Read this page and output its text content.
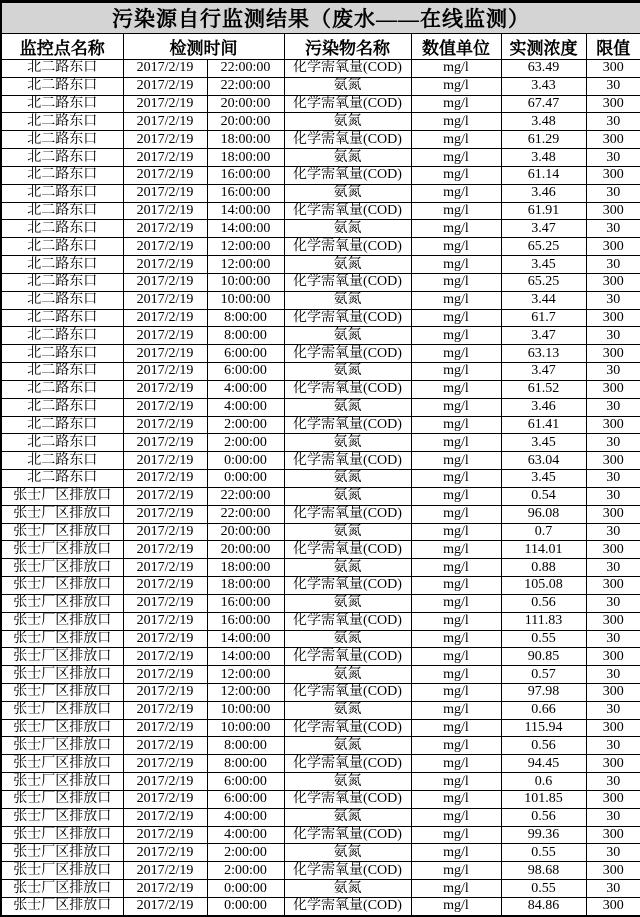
污染源自行监测结果（废水——在线监测）						
监控点名称	检测时间		污染物名称	数值单位	实测浓度	限值
北二路东口	2017/2/19	22:00:00	化学需氧量(COD)	mg/l	63.49	300
北二路东口	2017/2/19	22:00:00	氨氮	mg/l	3.43	30
北二路东口	2017/2/19	20:00:00	化学需氧量(COD)	mg/l	67.47	300
北二路东口	2017/2/19	20:00:00	氨氮	mg/l	3.48	30
北二路东口	2017/2/19	18:00:00	化学需氧量(COD)	mg/l	61.29	300
北二路东口	2017/2/19	18:00:00	氨氮	mg/l	3.48	30
北二路东口	2017/2/19	16:00:00	化学需氧量(COD)	mg/l	61.14	300
北二路东口	2017/2/19	16:00:00	氨氮	mg/l	3.46	30
北二路东口	2017/2/19	14:00:00	化学需氧量(COD)	mg/l	61.91	300
北二路东口	2017/2/19	14:00:00	氨氮	mg/l	3.47	30
北二路东口	2017/2/19	12:00:00	化学需氧量(COD)	mg/l	65.25	300
北二路东口	2017/2/19	12:00:00	氨氮	mg/l	3.45	30
北二路东口	2017/2/19	10:00:00	化学需氧量(COD)	mg/l	65.25	300
北二路东口	2017/2/19	10:00:00	氨氮	mg/l	3.44	30
北二路东口	2017/2/19	8:00:00	化学需氧量(COD)	mg/l	61.7	300
北二路东口	2017/2/19	8:00:00	氨氮	mg/l	3.47	30
北二路东口	2017/2/19	6:00:00	化学需氧量(COD)	mg/l	63.13	300
北二路东口	2017/2/19	6:00:00	氨氮	mg/l	3.47	30
北二路东口	2017/2/19	4:00:00	化学需氧量(COD)	mg/l	61.52	300
北二路东口	2017/2/19	4:00:00	氨氮	mg/l	3.46	30
北二路东口	2017/2/19	2:00:00	化学需氧量(COD)	mg/l	61.41	300
北二路东口	2017/2/19	2:00:00	氨氮	mg/l	3.45	30
北二路东口	2017/2/19	0:00:00	化学需氧量(COD)	mg/l	63.04	300
北二路东口	2017/2/19	0:00:00	氨氮	mg/l	3.45	30
张士厂区排放口	2017/2/19	22:00:00	氨氮	mg/l	0.54	30
张士厂区排放口	2017/2/19	22:00:00	化学需氧量(COD)	mg/l	96.08	300
张士厂区排放口	2017/2/19	20:00:00	氨氮	mg/l	0.7	30
张士厂区排放口	2017/2/19	20:00:00	化学需氧量(COD)	mg/l	114.01	300
张士厂区排放口	2017/2/19	18:00:00	氨氮	mg/l	0.88	30
张士厂区排放口	2017/2/19	18:00:00	化学需氧量(COD)	mg/l	105.08	300
张士厂区排放口	2017/2/19	16:00:00	氨氮	mg/l	0.56	30
张士厂区排放口	2017/2/19	16:00:00	化学需氧量(COD)	mg/l	111.83	300
张士厂区排放口	2017/2/19	14:00:00	氨氮	mg/l	0.55	30
张士厂区排放口	2017/2/19	14:00:00	化学需氧量(COD)	mg/l	90.85	300
张士厂区排放口	2017/2/19	12:00:00	氨氮	mg/l	0.57	30
张士厂区排放口	2017/2/19	12:00:00	化学需氧量(COD)	mg/l	97.98	300
张士厂区排放口	2017/2/19	10:00:00	氨氮	mg/l	0.66	30
张士厂区排放口	2017/2/19	10:00:00	化学需氧量(COD)	mg/l	115.94	300
张士厂区排放口	2017/2/19	8:00:00	氨氮	mg/l	0.56	30
张士厂区排放口	2017/2/19	8:00:00	化学需氧量(COD)	mg/l	94.45	300
张士厂区排放口	2017/2/19	6:00:00	氨氮	mg/l	0.6	30
张士厂区排放口	2017/2/19	6:00:00	化学需氧量(COD)	mg/l	101.85	300
张士厂区排放口	2017/2/19	4:00:00	氨氮	mg/l	0.56	30
张士厂区排放口	2017/2/19	4:00:00	化学需氧量(COD)	mg/l	99.36	300
张士厂区排放口	2017/2/19	2:00:00	氨氮	mg/l	0.55	30
张士厂区排放口	2017/2/19	2:00:00	化学需氧量(COD)	mg/l	98.68	300
张士厂区排放口	2017/2/19	0:00:00	氨氮	mg/l	0.55	30
张士厂区排放口	2017/2/19	0:00:00	化学需氧量(COD)	mg/l	84.86	300
